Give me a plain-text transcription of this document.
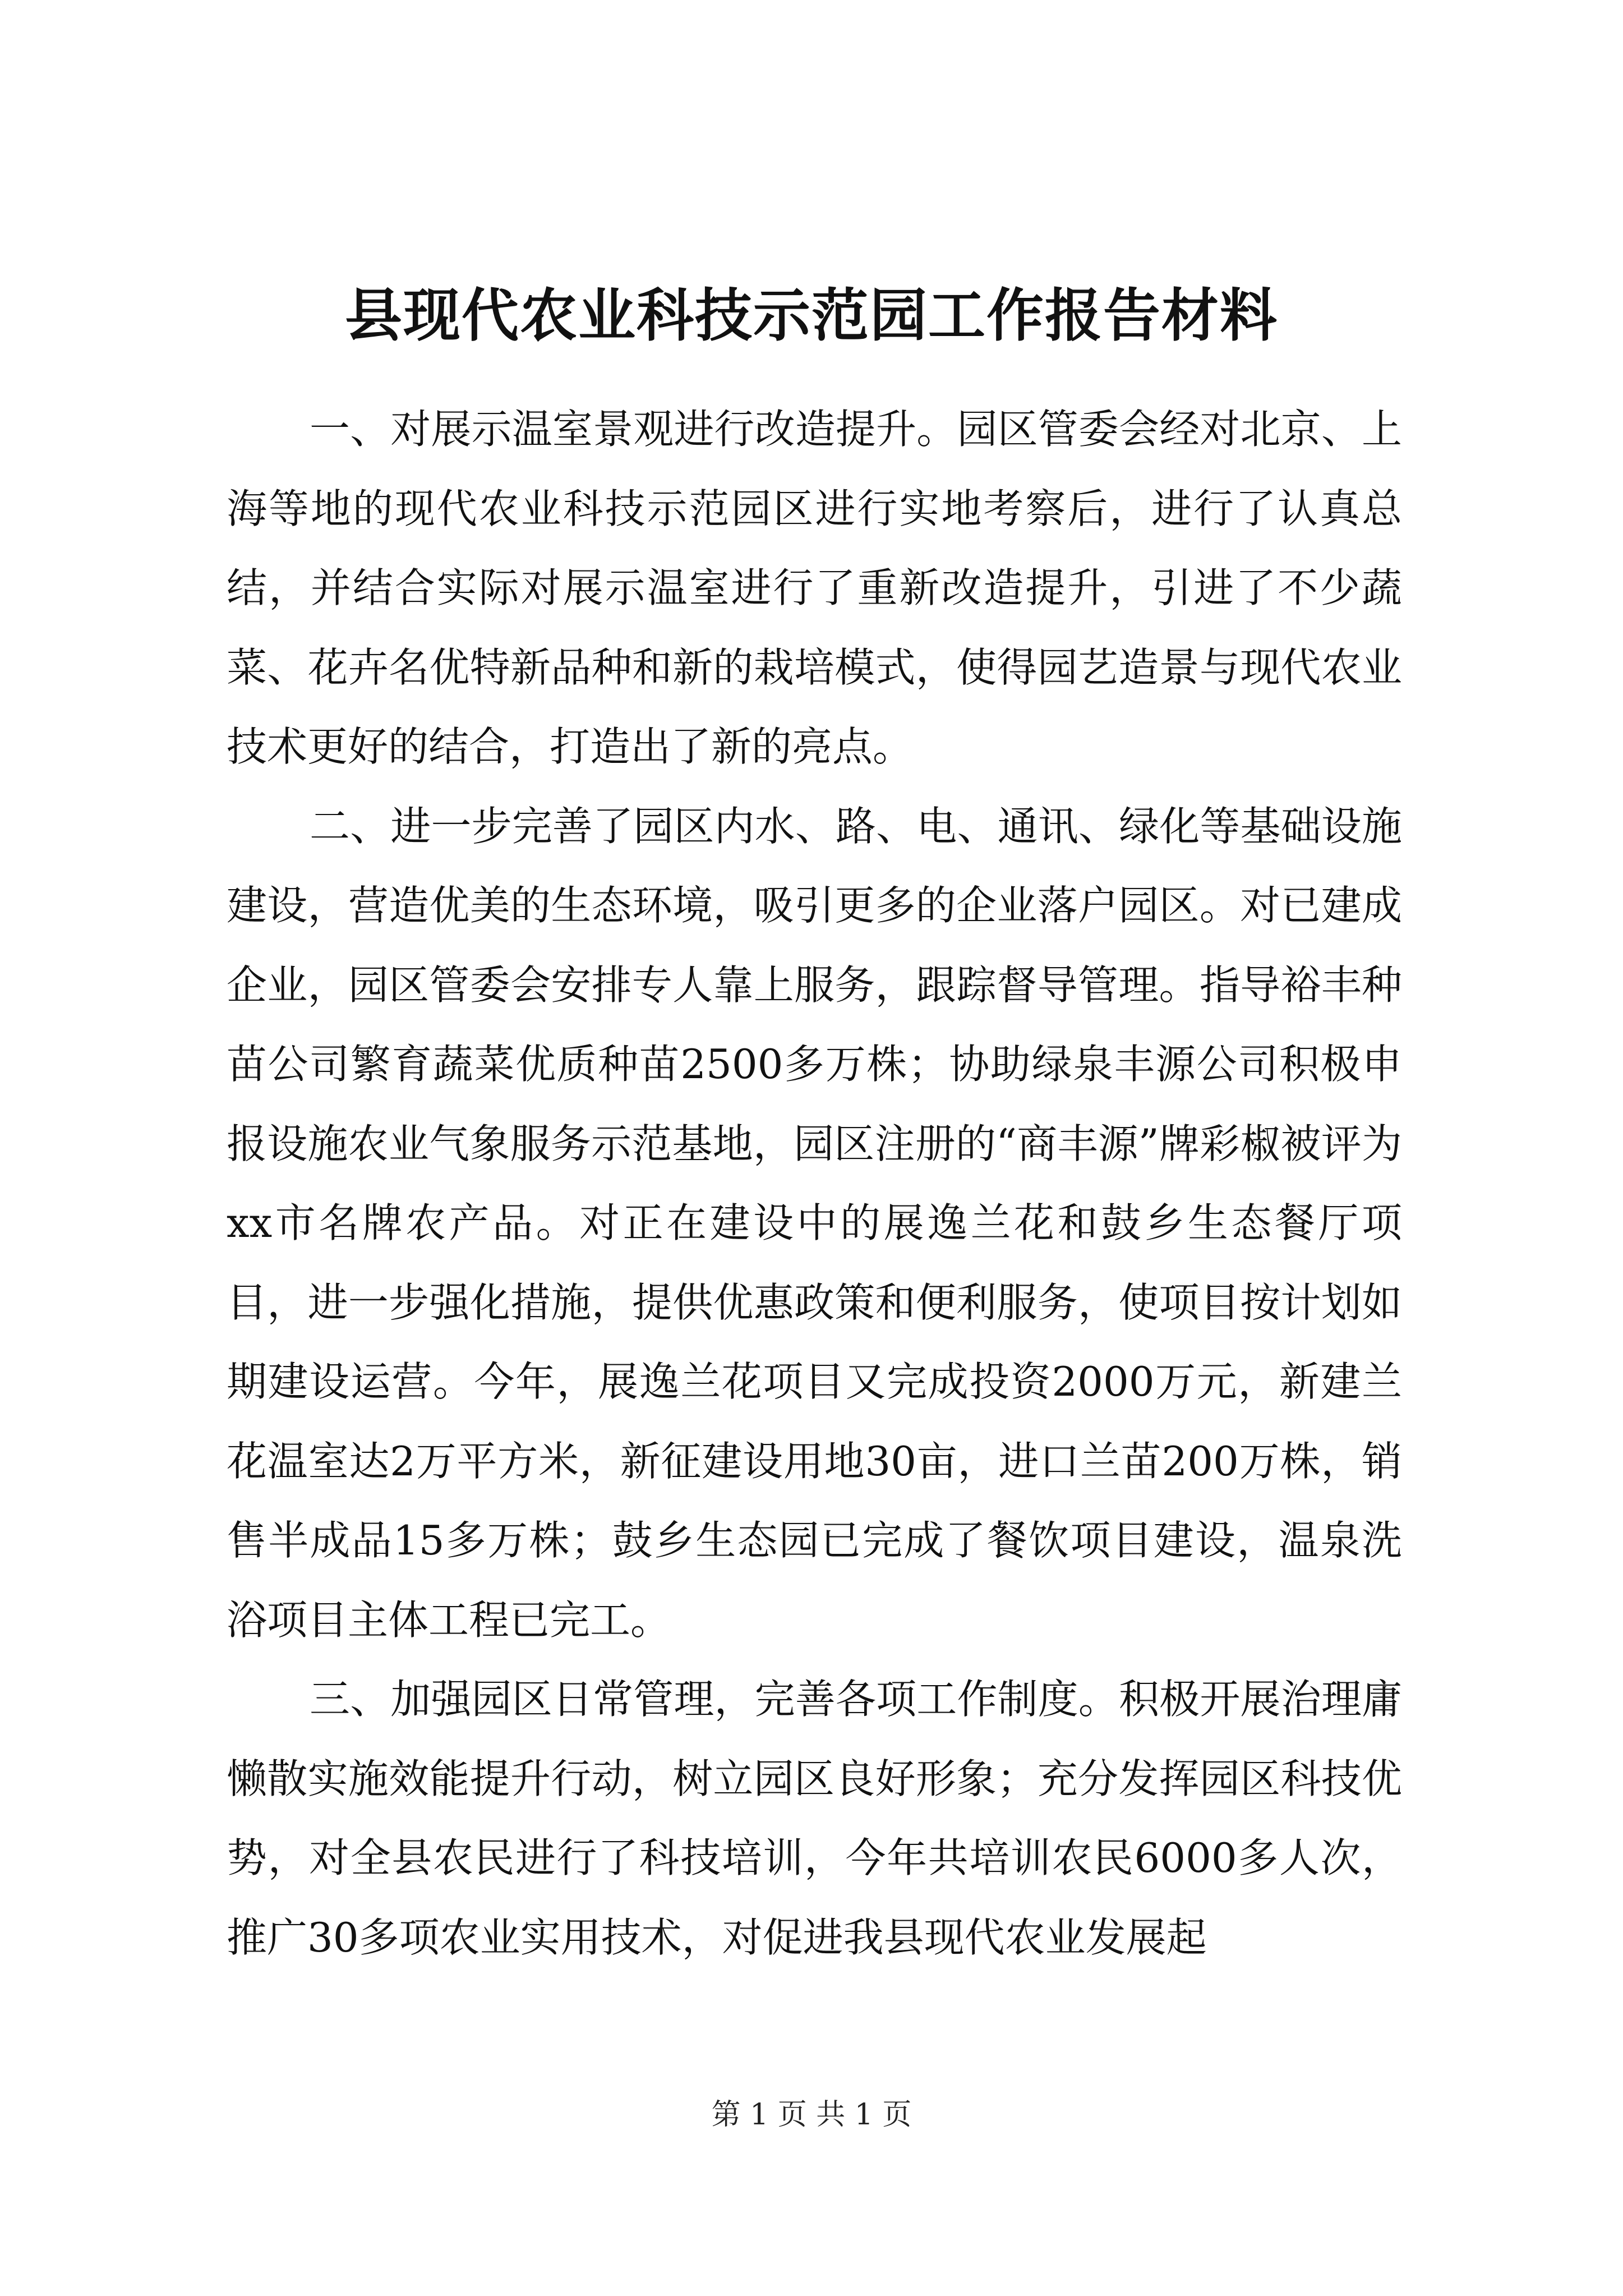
县现代农业科技示范园工作报告材料

一、对展示温室景观进行改造提升。园区管委会经对北京、上海等地的现代农业科技示范园区进行实地考察后，进行了认真总结，并结合实际对展示温室进行了重新改造提升，引进了不少蔬菜、花卉名优特新品种和新的栽培模式，使得园艺造景与现代农业技术更好的结合，打造出了新的亮点。

二、进一步完善了园区内水、路、电、通讯、绿化等基础设施建设，营造优美的生态环境，吸引更多的企业落户园区。对已建成企业，园区管委会安排专人靠上服务，跟踪督导管理。指导裕丰种苗公司繁育蔬菜优质种苗2500多万株；协助绿泉丰源公司积极申报设施农业气象服务示范基地，园区注册的“商丰源”牌彩椒被评为xx市名牌农产品。对正在建设中的展逸兰花和鼓乡生态餐厅项目，进一步强化措施，提供优惠政策和便利服务，使项目按计划如期建设运营。今年，展逸兰花项目又完成投资2000万元，新建兰花温室达2万平方米，新征建设用地30亩，进口兰苗200万株，销售半成品15多万株；鼓乡生态园已完成了餐饮项目建设，温泉洗浴项目主体工程已完工。

三、加强园区日常管理，完善各项工作制度。积极开展治理庸懒散实施效能提升行动，树立园区良好形象；充分发挥园区科技优势，对全县农民进行了科技培训，今年共培训农民6000多人次，推广30多项农业实用技术，对促进我县现代农业发展起

第 1 页 共 1 页
